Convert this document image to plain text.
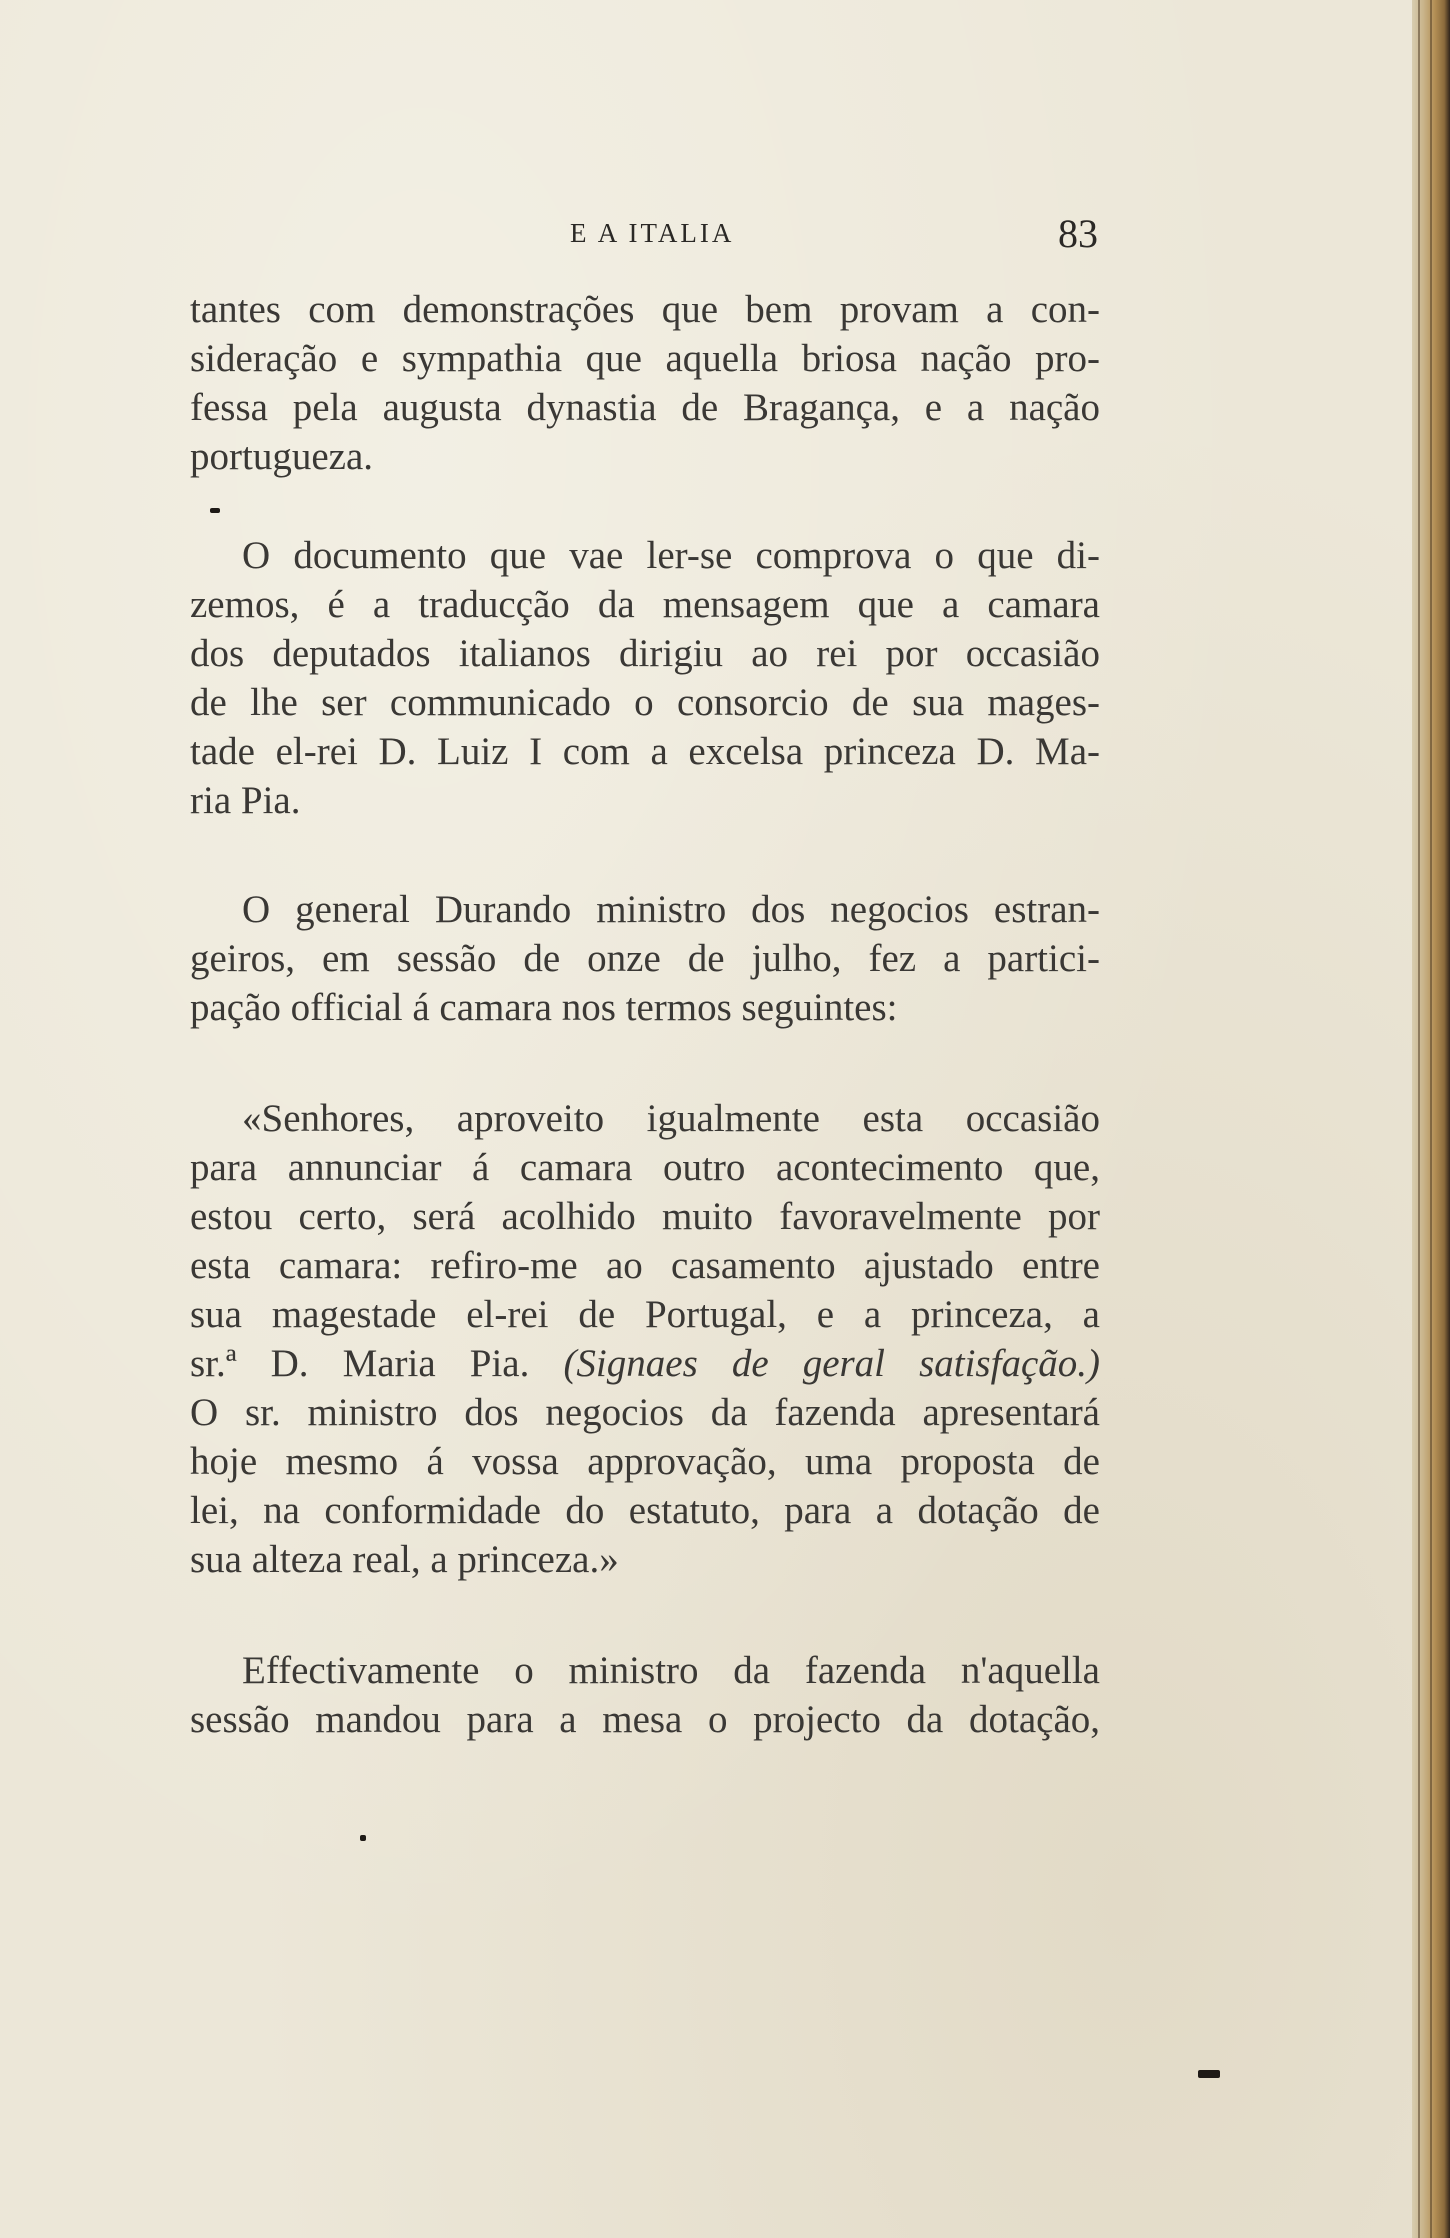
E A ITALIA	83

tantes com demonstrações que bem provam a con-
sideração e sympathia que aquella briosa nação pro-
fessa pela augusta dynastia de Bragança, e a nação
portugueza.

O documento que vae ler-se comprova o que di-
zemos, é a traducção da mensagem que a camara
dos deputados italianos dirigiu ao rei por occasião
de lhe ser communicado o consorcio de sua mages-
tade el-rei D. Luiz I com a excelsa princeza D. Ma-
ria Pia.

O general Durando ministro dos negocios estran-
geiros, em sessão de onze de julho, fez a partici-
pação official á camara nos termos seguintes:

«Senhores, aproveito igualmente esta occasião
para annunciar á camara outro acontecimento que,
estou certo, será acolhido muito favoravelmente por
esta camara: refiro-me ao casamento ajustado entre
sua magestade el-rei de Portugal, e a princeza, a
sr.ª D. Maria Pia. (Signaes de geral satisfação.)
O sr. ministro dos negocios da fazenda apresentará
hoje mesmo á vossa approvação, uma proposta de
lei, na conformidade do estatuto, para a dotação de
sua alteza real, a princeza.»

Effectivamente o ministro da fazenda n'aquella
sessão mandou para a mesa o projecto da dotação,
